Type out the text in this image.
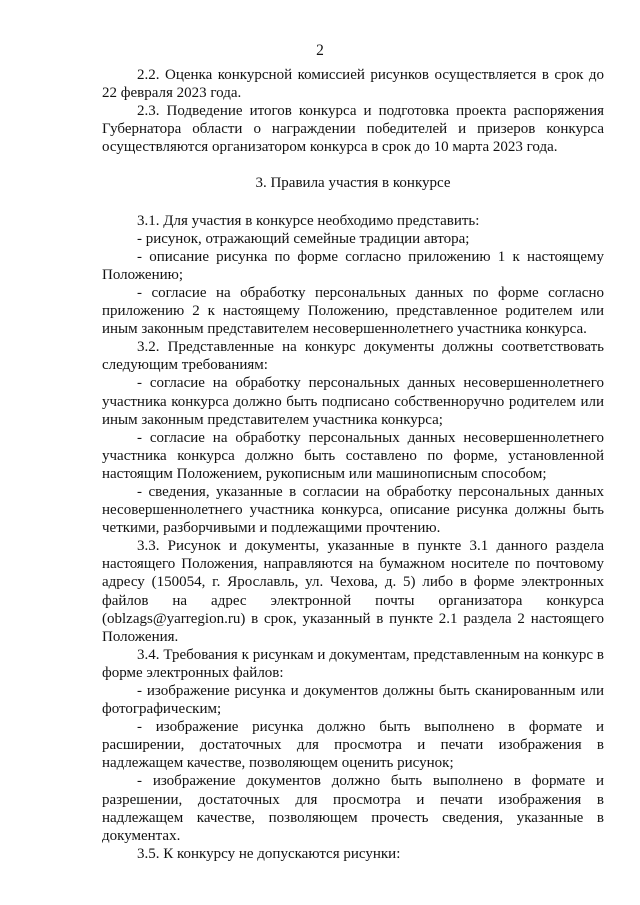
2

2.2. Оценка конкурсной комиссией рисунков осуществляется в срок до 22 февраля 2023 года.

2.3. Подведение итогов конкурса и подготовка проекта распоряжения Губернатора области о награждении победителей и призеров конкурса осуществляются организатором конкурса в срок до 10 марта 2023 года.

3. Правила участия в конкурсе

3.1. Для участия в конкурсе необходимо представить:

- рисунок, отражающий семейные традиции автора;

- описание рисунка по форме согласно приложению 1 к настоящему Положению;

- согласие на обработку персональных данных по форме согласно приложению 2 к настоящему Положению, представленное родителем или иным законным представителем несовершеннолетнего участника конкурса.

3.2. Представленные на конкурс документы должны соответствовать следующим требованиям:

- согласие на обработку персональных данных несовершеннолетнего участника конкурса должно быть подписано собственноручно родителем или иным законным представителем участника конкурса;

- согласие на обработку персональных данных несовершеннолетнего участника конкурса должно быть составлено по форме, установленной настоящим Положением, рукописным или машинописным способом;

- сведения, указанные в согласии на обработку персональных данных несовершеннолетнего участника конкурса, описание рисунка должны быть четкими, разборчивыми и подлежащими прочтению.

3.3. Рисунок и документы, указанные в пункте 3.1 данного раздела настоящего Положения, направляются на бумажном носителе по почтовому адресу (150054, г. Ярославль, ул. Чехова, д. 5) либо в форме электронных файлов на адрес электронной почты организатора конкурса (oblzags@yarregion.ru) в срок, указанный в пункте 2.1 раздела 2 настоящего Положения.

3.4. Требования к рисункам и документам, представленным на конкурс в форме электронных файлов:

- изображение рисунка и документов должны быть сканированным или фотографическим;

- изображение рисунка должно быть выполнено в формате и расширении, достаточных для просмотра и печати изображения в надлежащем качестве, позволяющем оценить рисунок;

- изображение документов должно быть выполнено в формате и разрешении, достаточных для просмотра и печати изображения в надлежащем качестве, позволяющем прочесть сведения, указанные в документах.

3.5. К конкурсу не допускаются рисунки:
